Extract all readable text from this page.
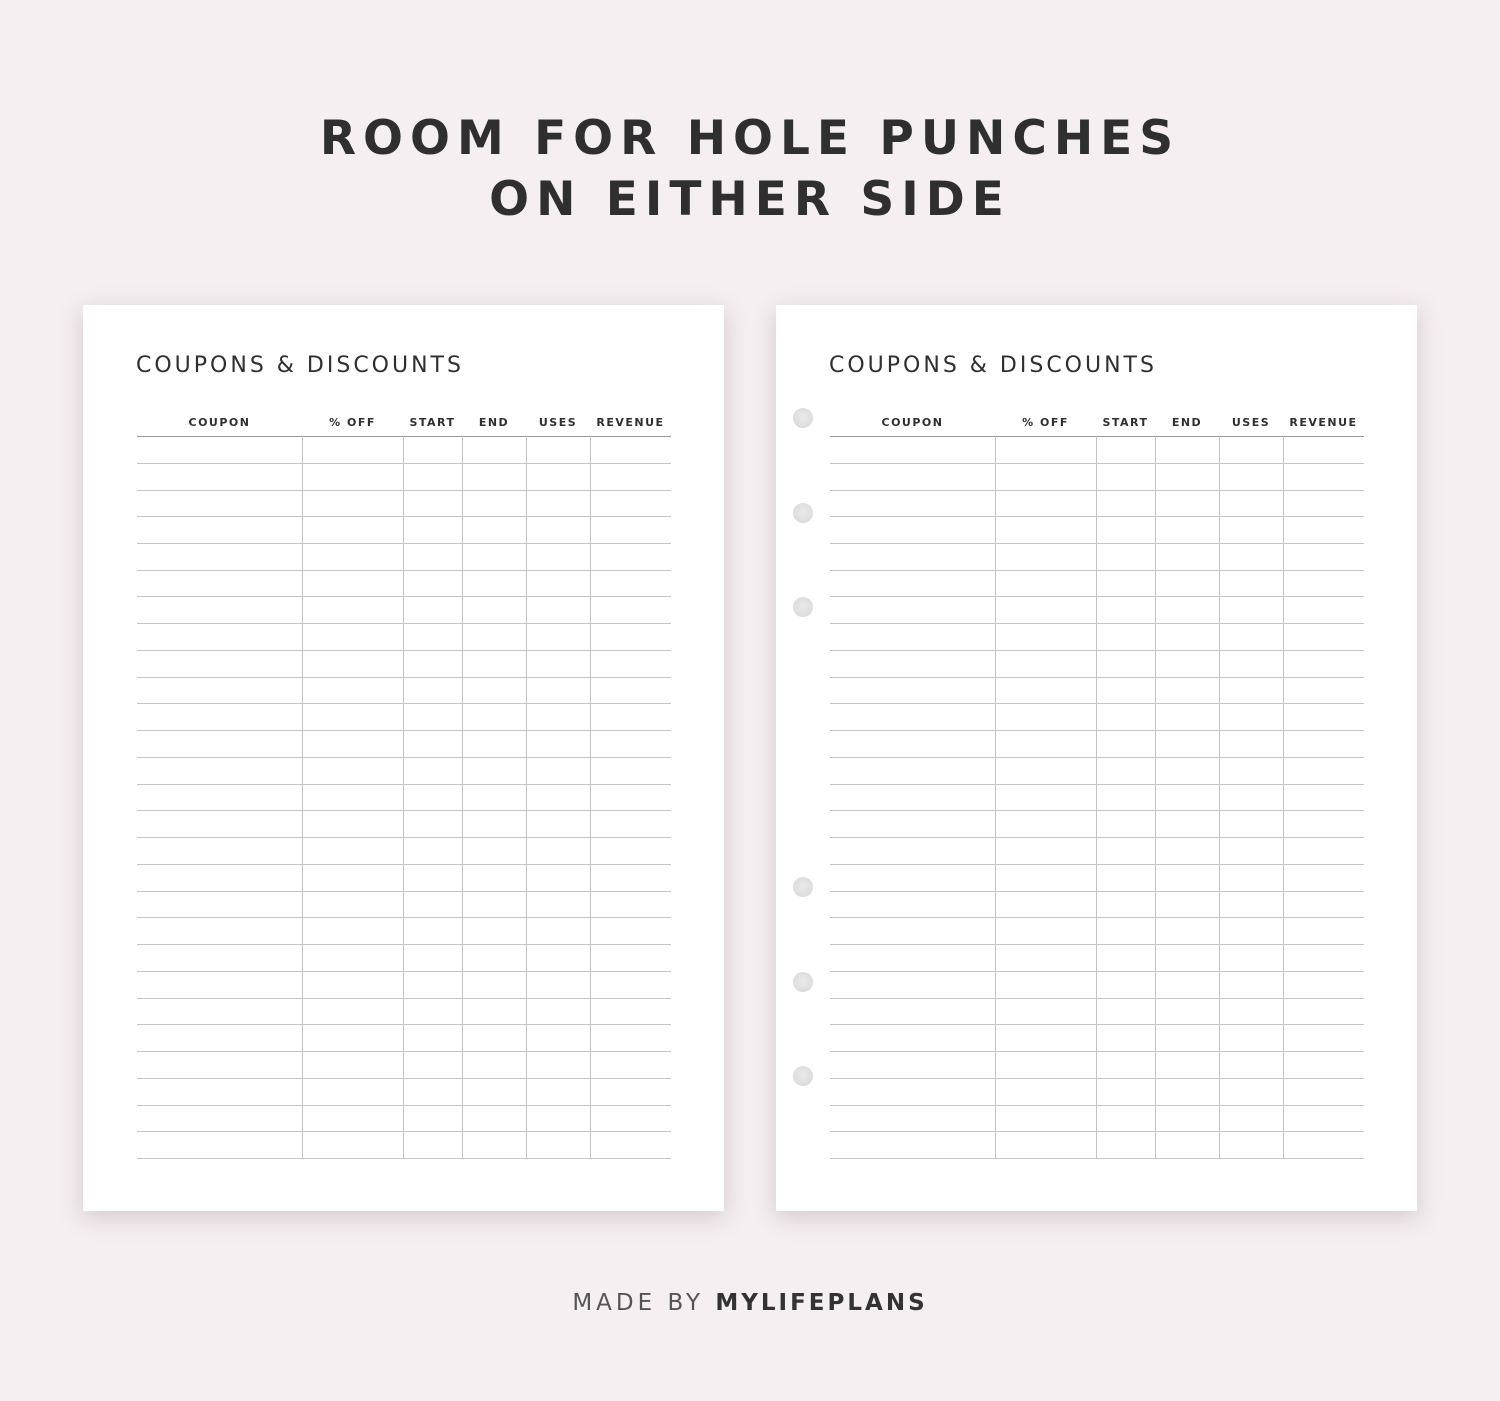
ROOM FOR HOLE PUNCHES
ON EITHER SIDE
COUPONS & DISCOUNTS
COUPON	% OFF	START	END	USES	REVENUE
COUPONS & DISCOUNTS
COUPON	% OFF	START	END	USES	REVENUE
MADE BY MYLIFEPLANS
